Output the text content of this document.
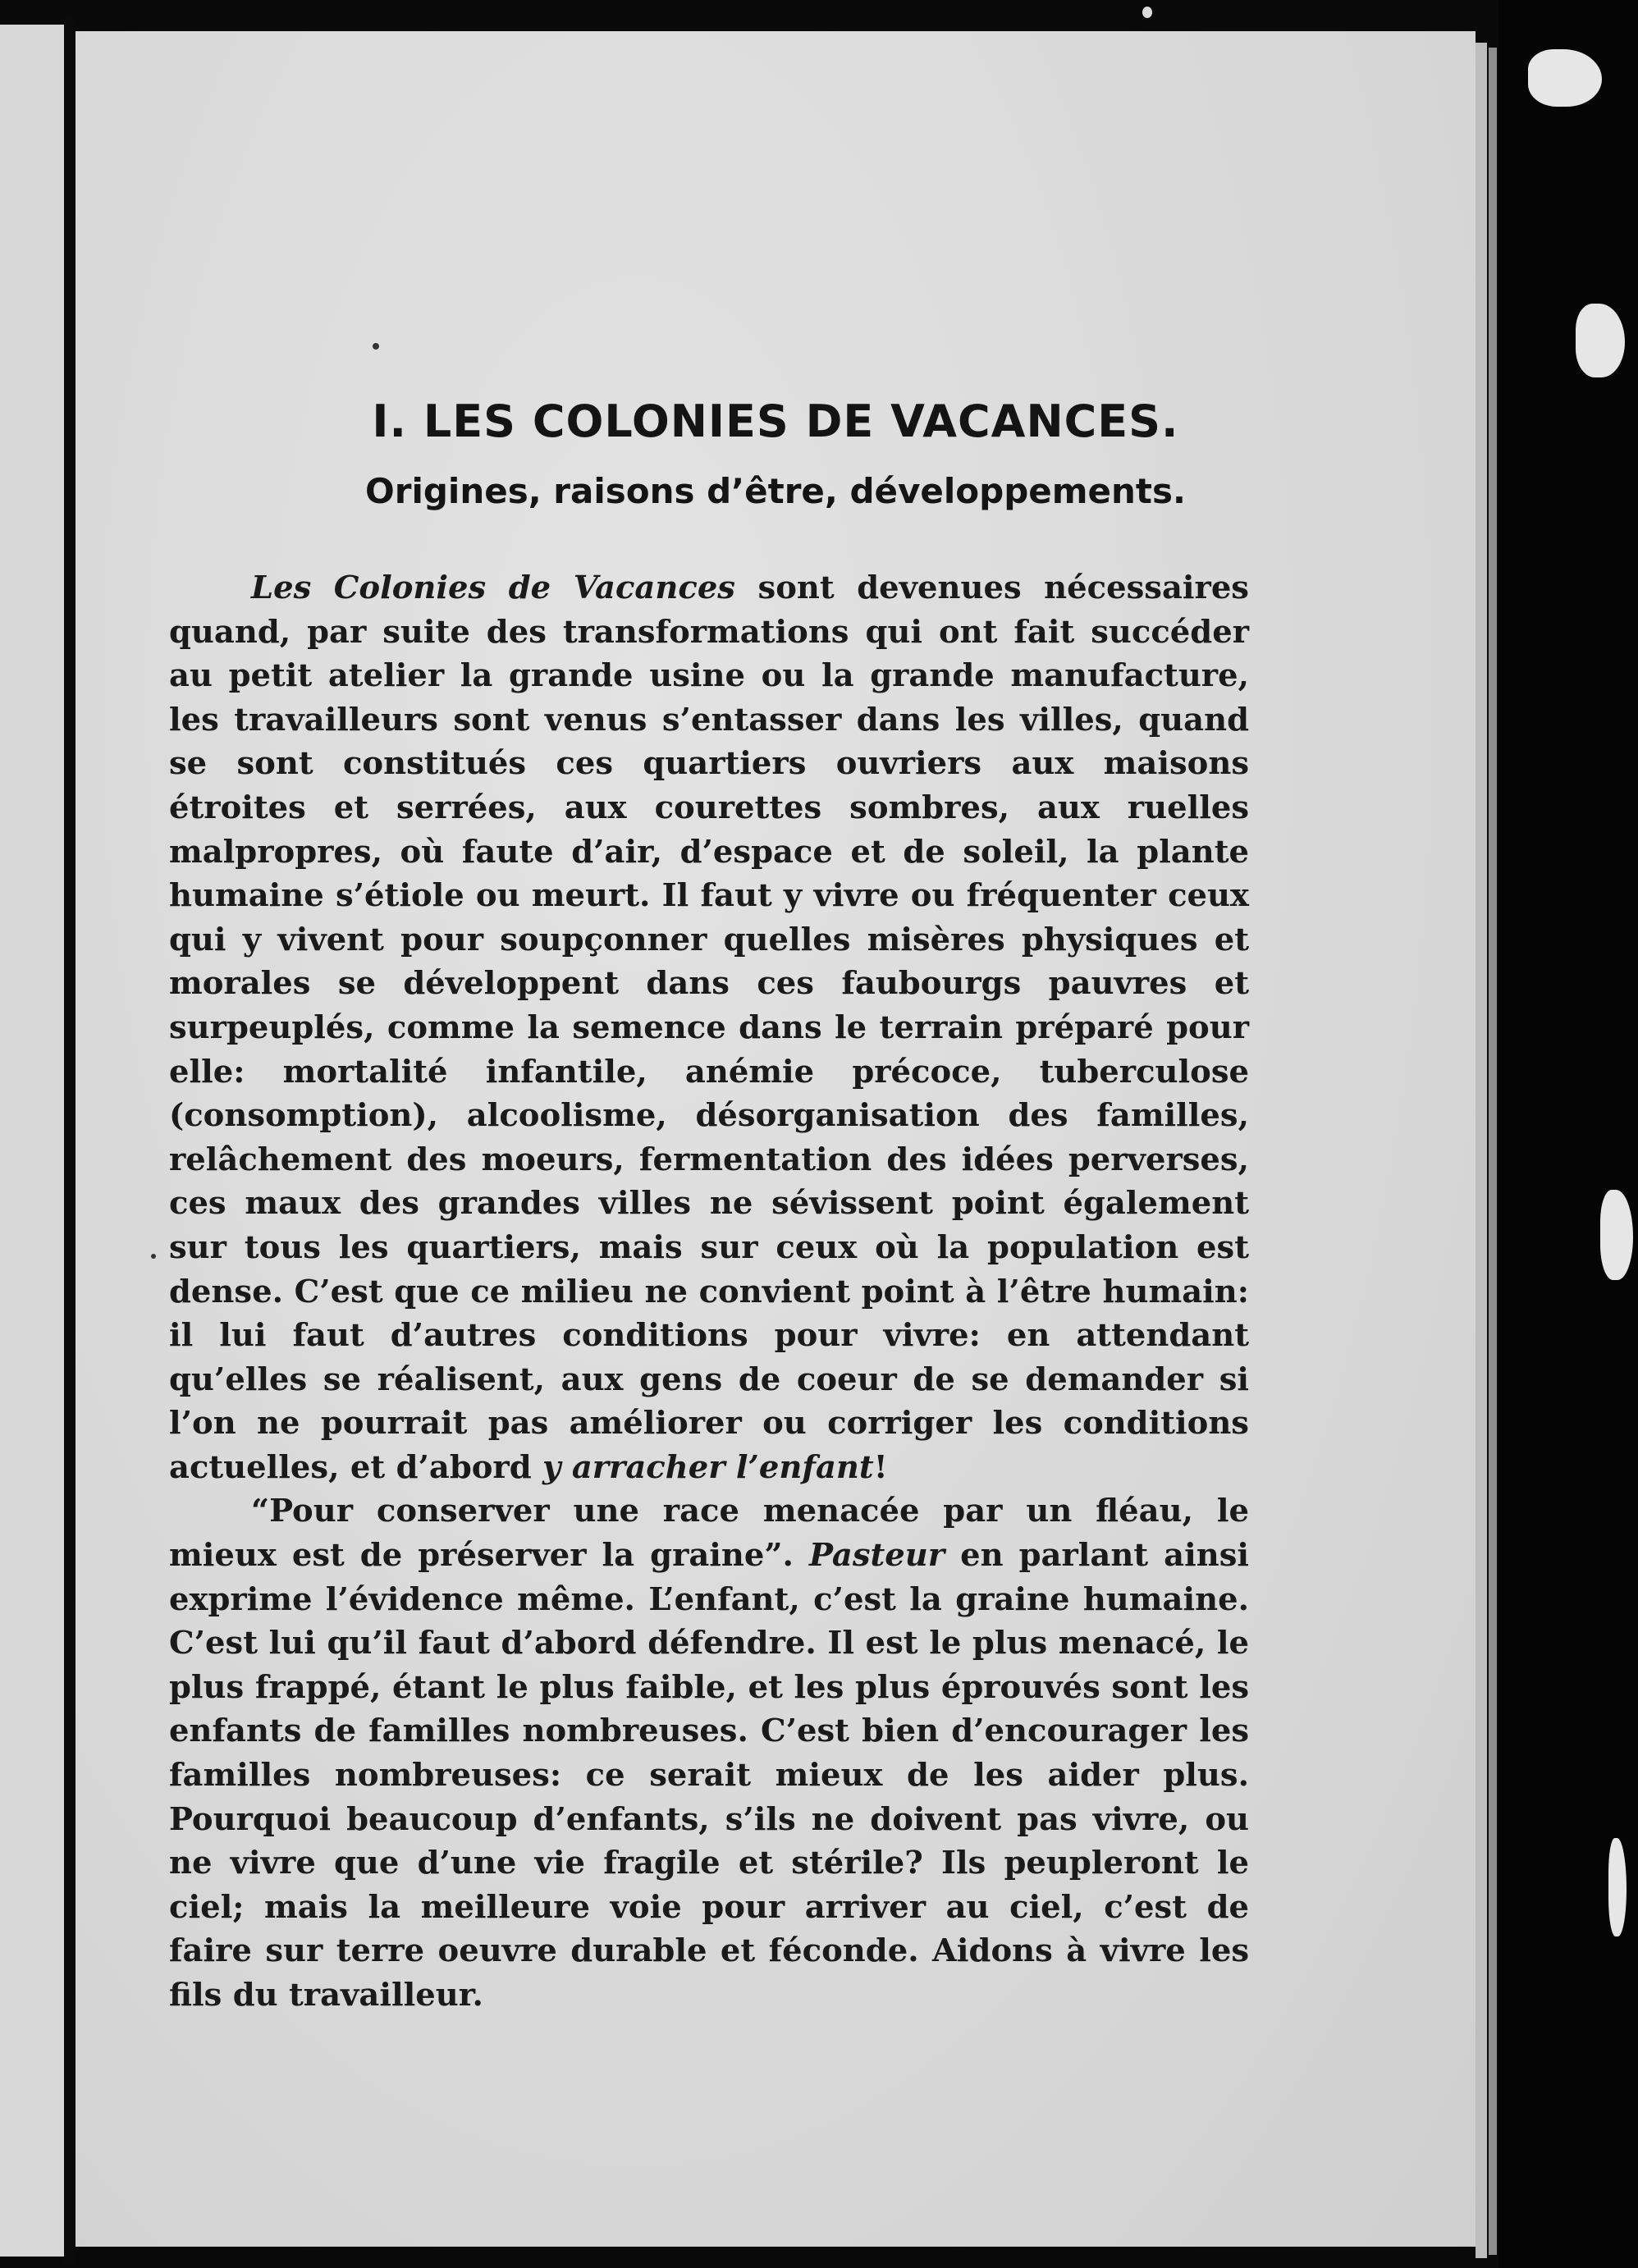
I. LES COLONIES DE VACANCES.
Origines, raisons d’être, développements.

Les Colonies de Vacances sont devenues nécessaires quand, par suite des transformations qui ont fait succéder au petit atelier la grande usine ou la grande manufacture, les travailleurs sont venus s’entasser dans les villes, quand se sont constitués ces quartiers ouvriers aux maisons étroites et serrées, aux courettes sombres, aux ruelles malpropres, où faute d’air, d’espace et de soleil, la plante humaine s’étiole ou meurt. Il faut y vivre ou fréquenter ceux qui y vivent pour soupçonner quelles misères physiques et morales se développent dans ces faubourgs pauvres et surpeuplés, comme la semence dans le terrain préparé pour elle: mortalité infantile, anémie précoce, tuberculose (consomption), alcoolisme, désorganisation des familles, relâchement des moeurs, fermentation des idées perverses, ces maux des grandes villes ne sévissent point également sur tous les quartiers, mais sur ceux où la population est dense. C’est que ce milieu ne convient point à l’être humain: il lui faut d’autres conditions pour vivre: en attendant qu’elles se réalisent, aux gens de coeur de se demander si l’on ne pourrait pas améliorer ou corriger les conditions actuelles, et d’abord y arracher l’enfant!

“Pour conserver une race menacée par un fléau, le mieux est de préserver la graine”. Pasteur en parlant ainsi exprime l’évidence même. L’enfant, c’est la graine humaine. C’est lui qu’il faut d’abord défendre. Il est le plus menacé, le plus frappé, étant le plus faible, et les plus éprouvés sont les enfants de familles nombreuses. C’est bien d’encourager les familles nombreuses: ce serait mieux de les aider plus. Pourquoi beaucoup d’enfants, s’ils ne doivent pas vivre, ou ne vivre que d’une vie fragile et stérile? Ils peupleront le ciel; mais la meilleure voie pour arriver au ciel, c’est de faire sur terre oeuvre durable et féconde. Aidons à vivre les fils du travailleur.
